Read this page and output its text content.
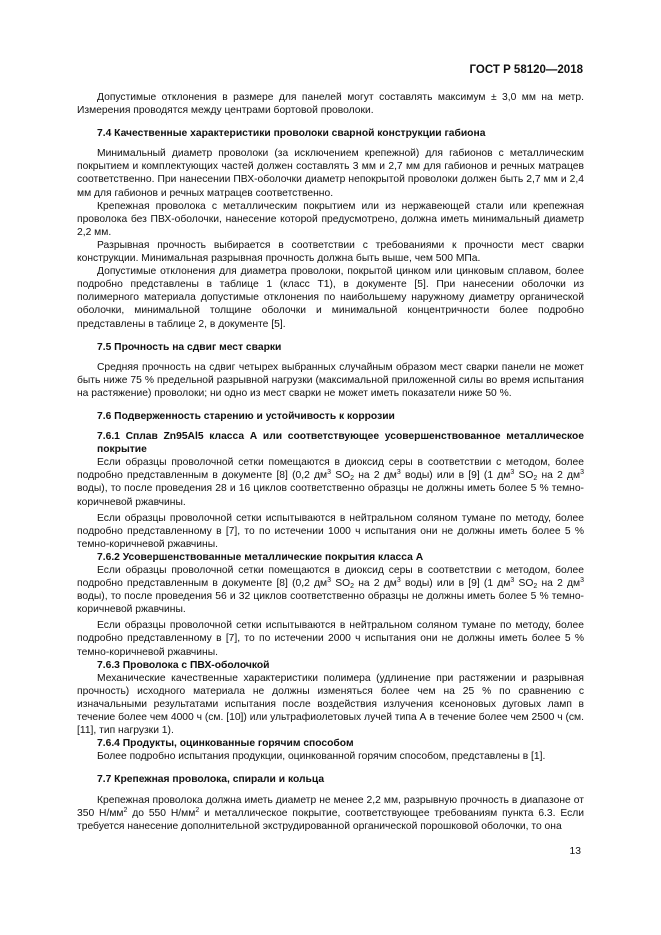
ГОСТ Р 58120—2018

Допустимые отклонения в размере для панелей могут составлять максимум ± 3,0 мм на метр. Измерения проводятся между центрами бортовой проволоки.

7.4 Качественные характеристики проволоки сварной конструкции габиона

Минимальный диаметр проволоки (за исключением крепежной) для габионов с металлическим покрытием и комплектующих частей должен составлять 3 мм и 2,7 мм для габионов и речных матрацев соответственно. При нанесении ПВХ-оболочки диаметр непокрытой проволоки должен быть 2,7 мм и 2,4 мм для габионов и речных матрацев соответственно.

Крепежная проволока с металлическим покрытием или из нержавеющей стали или крепежная проволока без ПВХ-оболочки, нанесение которой предусмотрено, должна иметь минимальный диаметр 2,2 мм.

Разрывная прочность выбирается в соответствии с требованиями к прочности мест сварки конструкции. Минимальная разрывная прочность должна быть выше, чем 500 МПа.

Допустимые отклонения для диаметра проволоки, покрытой цинком или цинковым сплавом, более подробно представлены в таблице 1 (класс Т1), в документе [5]. При нанесении оболочки из полимерного материала допустимые отклонения по наибольшему наружному диаметру органической оболочки, минимальной толщине оболочки и минимальной концентричности более подробно представлены в таблице 2, в документе [5].

7.5 Прочность на сдвиг мест сварки

Средняя прочность на сдвиг четырех выбранных случайным образом мест сварки панели не может быть ниже 75 % предельной разрывной нагрузки (максимальной приложенной силы во время испытания на растяжение) проволоки; ни одно из мест сварки не может иметь показатели ниже 50 %.

7.6 Подверженность старению и устойчивость к коррозии
7.6.1 Сплав Zn95Al5 класса А или соответствующее усовершенствованное металлическое покрытие

Если образцы проволочной сетки помещаются в диоксид серы в соответствии с методом, более подробно представленным в документе [8] (0,2 $дм^3$ $SO_2$ на 2 $дм^3$ воды) или в [9] (1 $дм^3$ $SO_2$ на 2 $дм^3$ воды), то после проведения 28 и 16 циклов соответственно образцы не должны иметь более 5 % темно-коричневой ржавчины.

Если образцы проволочной сетки испытываются в нейтральном соляном тумане по методу, более подробно представленному в [7], то по истечении 1000 ч испытания они не должны иметь более 5 % темно-коричневой ржавчины.

7.6.2 Усовершенствованные металлические покрытия класса А

Если образцы проволочной сетки помещаются в диоксид серы в соответствии с методом, более подробно представленным в документе [8] (0,2 $дм^3$ $SO_2$ на 2 $дм^3$ воды) или в [9] (1 $дм^3$ $SO_2$ на 2 $дм^3$ воды), то после проведения 56 и 32 циклов соответственно образцы не должны иметь более 5 % темно-коричневой ржавчины.

Если образцы проволочной сетки испытываются в нейтральном соляном тумане по методу, более подробно представленному в [7], то по истечении 2000 ч испытания они не должны иметь более 5 % темно-коричневой ржавчины.

7.6.3 Проволока с ПВХ-оболочкой

Механические качественные характеристики полимера (удлинение при растяжении и разрывная прочность) исходного материала не должны изменяться более чем на 25 % по сравнению с изначальными результатами испытания после воздействия излучения ксеноновых дуговых ламп в течение более чем 4000 ч (см. [10]) или ультрафиолетовых лучей типа А в течение более чем 2500 ч (см. [11], тип нагрузки 1).

7.6.4 Продукты, оцинкованные горячим способом

Более подробно испытания продукции, оцинкованной горячим способом, представлены в [1].

7.7 Крепежная проволока, спирали и кольца

Крепежная проволока должна иметь диаметр не менее 2,2 мм, разрывную прочность в диапазоне от 350 $Н/мм^2$ до 550 $Н/мм^2$ и металлическое покрытие, соответствующее требованиям пункта 6.3. Если требуется нанесение дополнительной экструдированной органической порошковой оболочки, то она

13
